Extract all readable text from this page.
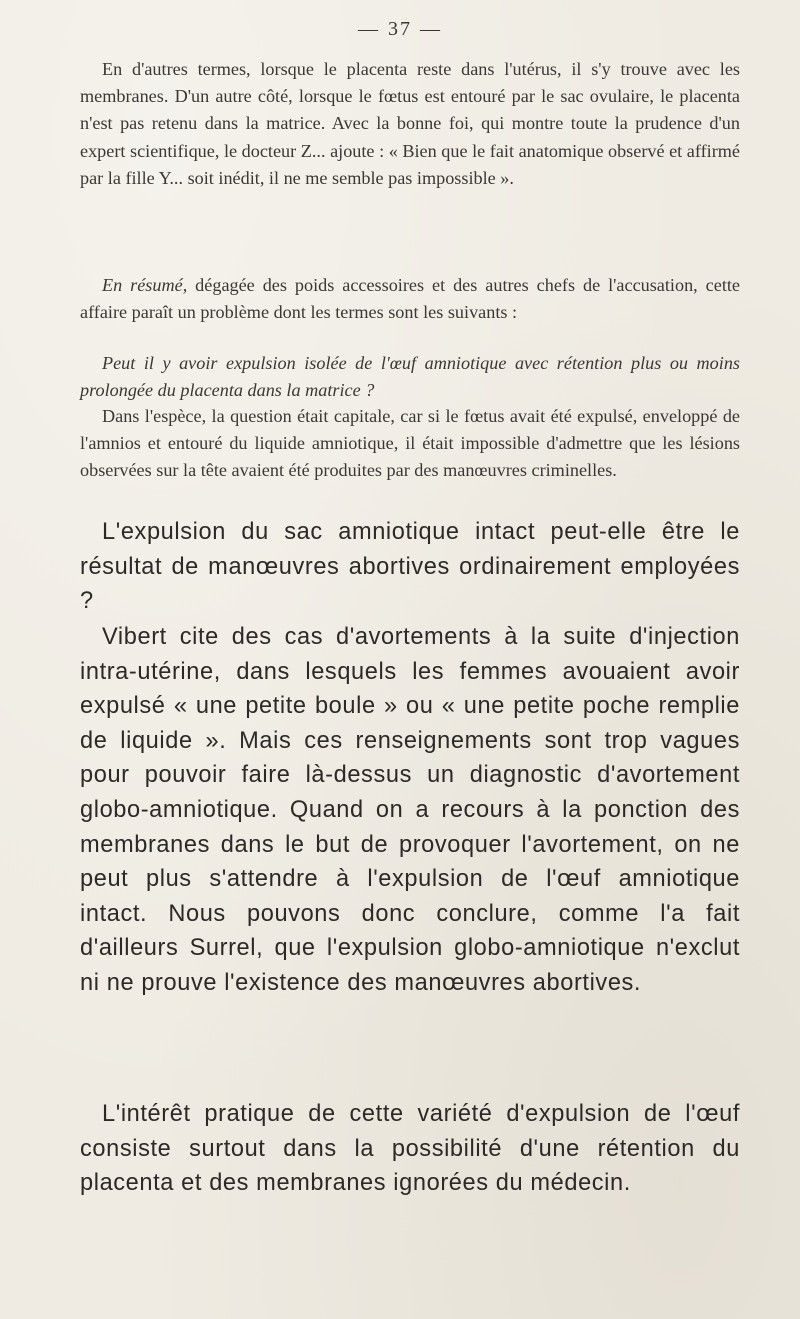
— 37 —

En d'autres termes, lorsque le placenta reste dans l'utérus, il s'y trouve avec les membranes. D'un autre côté, lorsque le fœtus est entouré par le sac ovulaire, le placenta n'est pas retenu dans la matrice. Avec la bonne foi, qui montre toute la prudence d'un expert scientifique, le docteur Z... ajoute : « Bien que le fait anatomique observé et affirmé par la fille Y... soit inédit, il ne me semble pas impossible ».

En résumé, dégagée des poids accessoires et des autres chefs de l'accusation, cette affaire paraît un problème dont les termes sont les suivants :

Peut il y avoir expulsion isolée de l'œuf amniotique avec rétention plus ou moins prolongée du placenta dans la matrice ?

Dans l'espèce, la question était capitale, car si le fœtus avait été expulsé, enveloppé de l'amnios et entouré du liquide amniotique, il était impossible d'admettre que les lésions observées sur la tête avaient été produites par des manœuvres criminelles.

L'expulsion du sac amniotique intact peut-elle être le résultat de manœuvres abortives ordinairement employées ?

Vibert cite des cas d'avortements à la suite d'injection intra-utérine, dans lesquels les femmes avouaient avoir expulsé « une petite boule » ou « une petite poche remplie de liquide ». Mais ces renseignements sont trop vagues pour pouvoir faire là-dessus un diagnostic d'avortement globo-amniotique. Quand on a recours à la ponction des membranes dans le but de provoquer l'avortement, on ne peut plus s'attendre à l'expulsion de l'œuf amniotique intact. Nous pouvons donc conclure, comme l'a fait d'ailleurs Surrel, que l'expulsion globo-amniotique n'exclut ni ne prouve l'existence des manœuvres abortives.

L'intérêt pratique de cette variété d'expulsion de l'œuf consiste surtout dans la possibilité d'une rétention du placenta et des membranes ignorées du médecin.
